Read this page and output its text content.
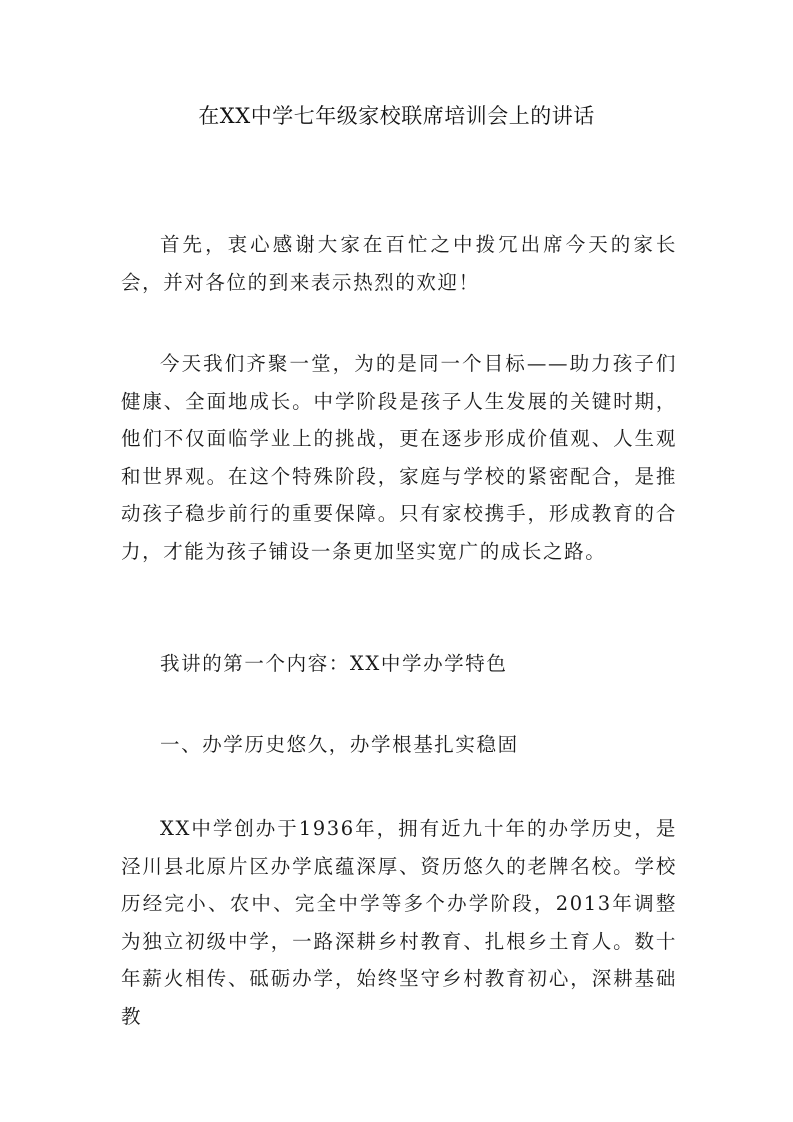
在XX中学七年级家校联席培训会上的讲话

首先，衷心感谢大家在百忙之中拨冗出席今天的家长会，并对各位的到来表示热烈的欢迎！

今天我们齐聚一堂，为的是同一个目标——助力孩子们健康、全面地成长。中学阶段是孩子人生发展的关键时期，他们不仅面临学业上的挑战，更在逐步形成价值观、人生观和世界观。在这个特殊阶段，家庭与学校的紧密配合，是推动孩子稳步前行的重要保障。只有家校携手，形成教育的合力，才能为孩子铺设一条更加坚实宽广的成长之路。

我讲的第一个内容：XX中学办学特色

一、办学历史悠久，办学根基扎实稳固

XX中学创办于1936年，拥有近九十年的办学历史，是泾川县北原片区办学底蕴深厚、资历悠久的老牌名校。学校历经完小、农中、完全中学等多个办学阶段，2013年调整为独立初级中学，一路深耕乡村教育、扎根乡土育人。数十年薪火相传、砥砺办学，始终坚守乡村教育初心，深耕基础教
